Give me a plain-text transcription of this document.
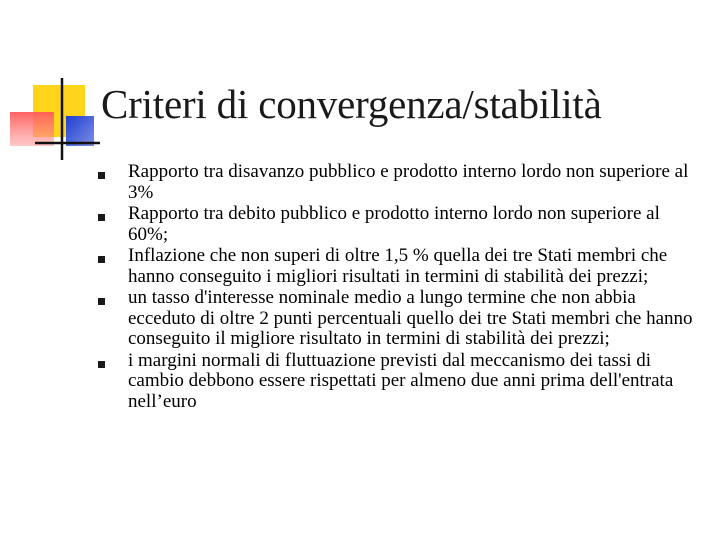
Criteri di convergenza/stabilità
Rapporto tra disavanzo pubblico e prodotto interno lordo non superiore al 3%
Rapporto tra debito pubblico e prodotto interno lordo non superiore al 60%;
Inflazione che non superi di oltre 1,5 % quella dei tre Stati membri che hanno conseguito i migliori risultati in termini di stabilità dei prezzi;
un tasso d'interesse nominale medio a lungo termine che non abbia ecceduto di oltre 2 punti percentuali quello dei tre Stati membri che hanno conseguito il migliore risultato in termini di stabilità dei prezzi;
i margini normali di fluttuazione previsti dal meccanismo dei tassi di cambio debbono essere rispettati per almeno due anni prima dell'entrata nell’euro
